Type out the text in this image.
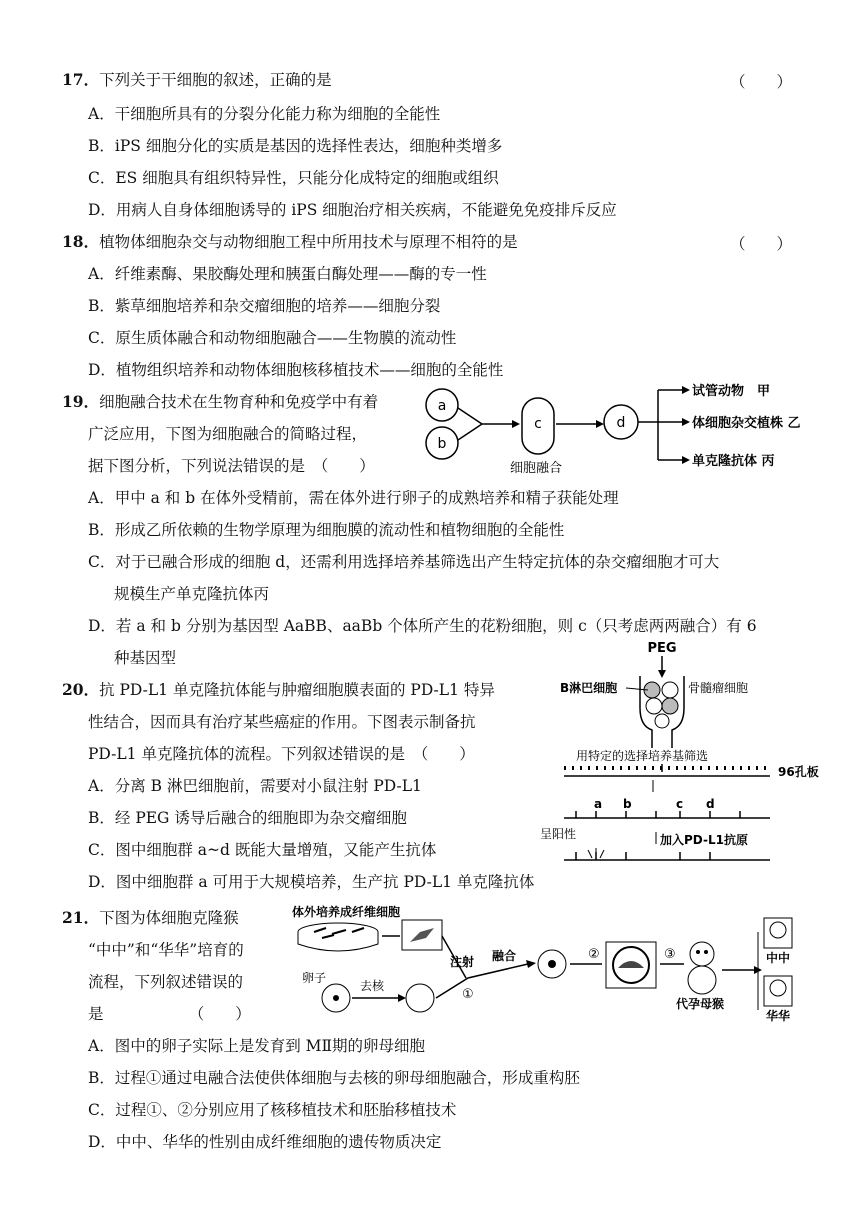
17．下列关于干细胞的叙述，正确的是	（　　）
A．干细胞所具有的分裂分化能力称为细胞的全能性
B．iPS 细胞分化的实质是基因的选择性表达，细胞种类增多
C．ES 细胞具有组织特异性，只能分化成特定的细胞或组织
D．用病人自身体细胞诱导的 iPS 细胞治疗相关疾病，不能避免免疫排斥反应
18．植物体细胞杂交与动物细胞工程中所用技术与原理不相符的是	（　　）
A．纤维素酶、果胶酶处理和胰蛋白酶处理——酶的专一性
B．紫草细胞培养和杂交瘤细胞的培养——细胞分裂
C．原生质体融合和动物细胞融合——生物膜的流动性
D．植物组织培养和动物体细胞核移植技术——细胞的全能性
19．细胞融合技术在生物育种和免疫学中有着
广泛应用，下图为细胞融合的简略过程，
据下图分析，下列说法错误的是　（　　）
a
b
c
细胞融合
d
试管动物　甲
体细胞杂交植株 乙
单克隆抗体 丙
A．甲中 a 和 b 在体外受精前，需在体外进行卵子的成熟培养和精子获能处理
B．形成乙所依赖的生物学原理为细胞膜的流动性和植物细胞的全能性
C．对于已融合形成的细胞 d，还需利用选择培养基筛选出产生特定抗体的杂交瘤细胞才可大
规模生产单克隆抗体丙
D．若 a 和 b 分别为基因型 AaBB、aaBb 个体所产生的花粉细胞，则 c（只考虑两两融合）有 6
种基因型
20．抗 PD-L1 单克隆抗体能与肿瘤细胞膜表面的 PD-L1 特异
性结合，因而具有治疗某些癌症的作用。下图表示制备抗
PD-L1 单克隆抗体的流程。下列叙述错误的是　（　　）
PEG
B淋巴细胞	骨髓瘤细胞
用特定的选择培养基筛选
96孔板
a b	c d
呈阳性	加入PD-L1抗原
A．分离 B 淋巴细胞前，需要对小鼠注射 PD-L1
B．经 PEG 诱导后融合的细胞即为杂交瘤细胞
C．图中细胞群 a~d 既能大量增殖，又能产生抗体
D．图中细胞群 a 可用于大规模培养，生产抗 PD-L1 单克隆抗体
21．下图为体细胞克隆猴
“中中”和“华华”培育的
流程，下列叙述错误的
是　　　　　　（　　）
体外培养成纤维细胞
注射
卵子
去核
①
融合	②	③
代孕母猴
中中
华华
A．图中的卵子实际上是发育到 MⅡ期的卵母细胞
B．过程①通过电融合法使供体细胞与去核的卵母细胞融合，形成重构胚
C．过程①、②分别应用了核移植技术和胚胎移植技术
D．中中、华华的性别由成纤维细胞的遗传物质决定
